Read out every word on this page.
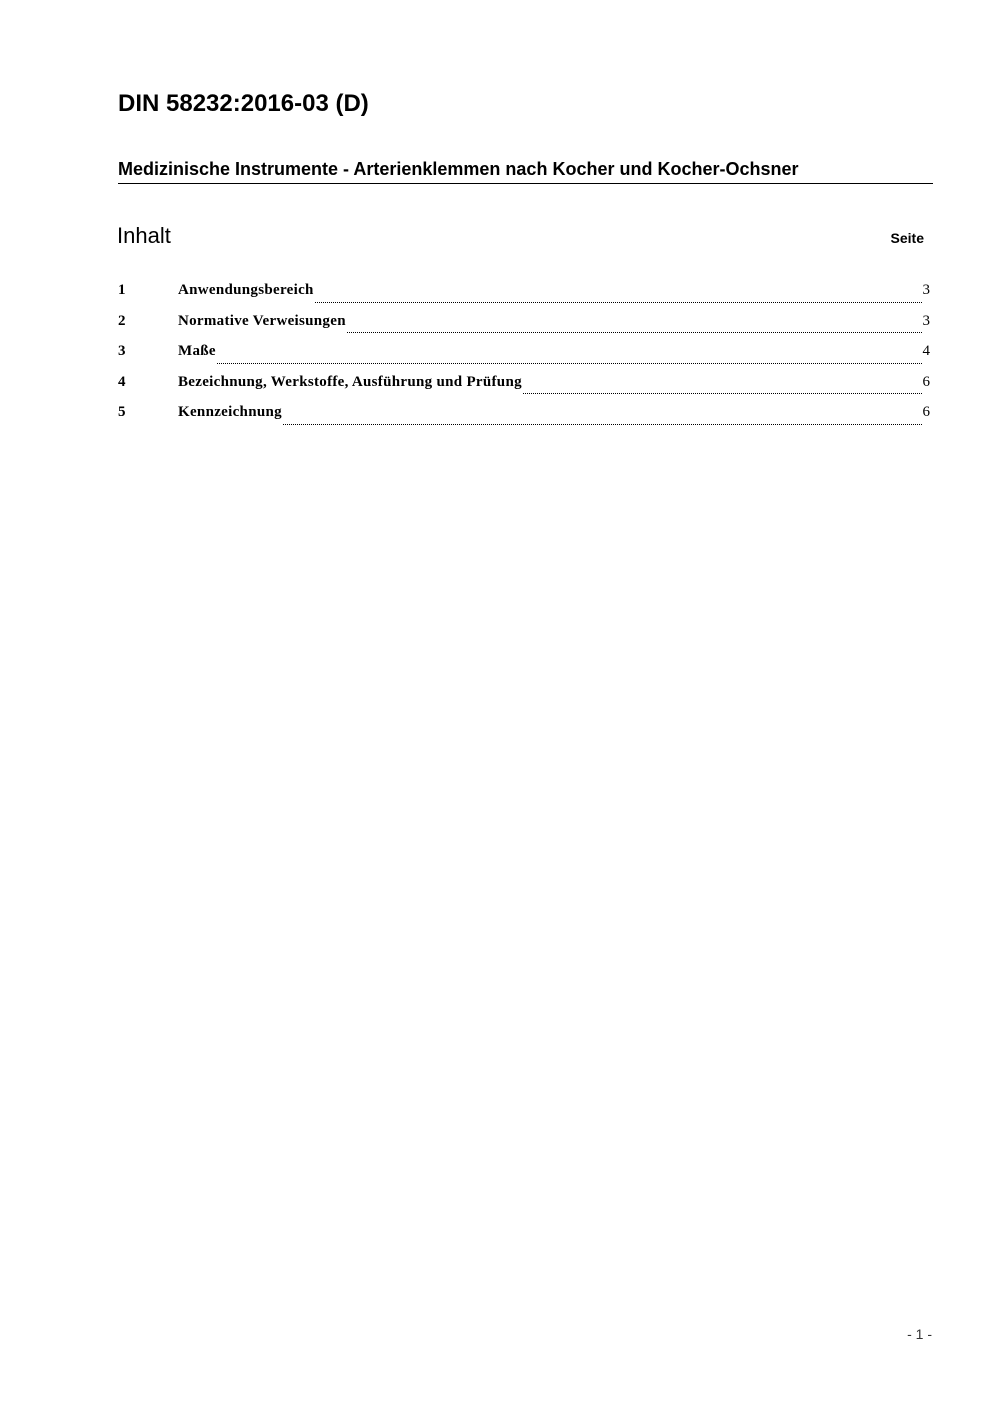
DIN 58232:2016-03 (D)
Medizinische Instrumente - Arterienklemmen nach Kocher und Kocher-Ochsner
Inhalt	Seite
1	Anwendungsbereich	3
2	Normative Verweisungen	3
3	Maße	4
4	Bezeichnung, Werkstoffe, Ausführung und Prüfung	6
5	Kennzeichnung	6
- 1 -
